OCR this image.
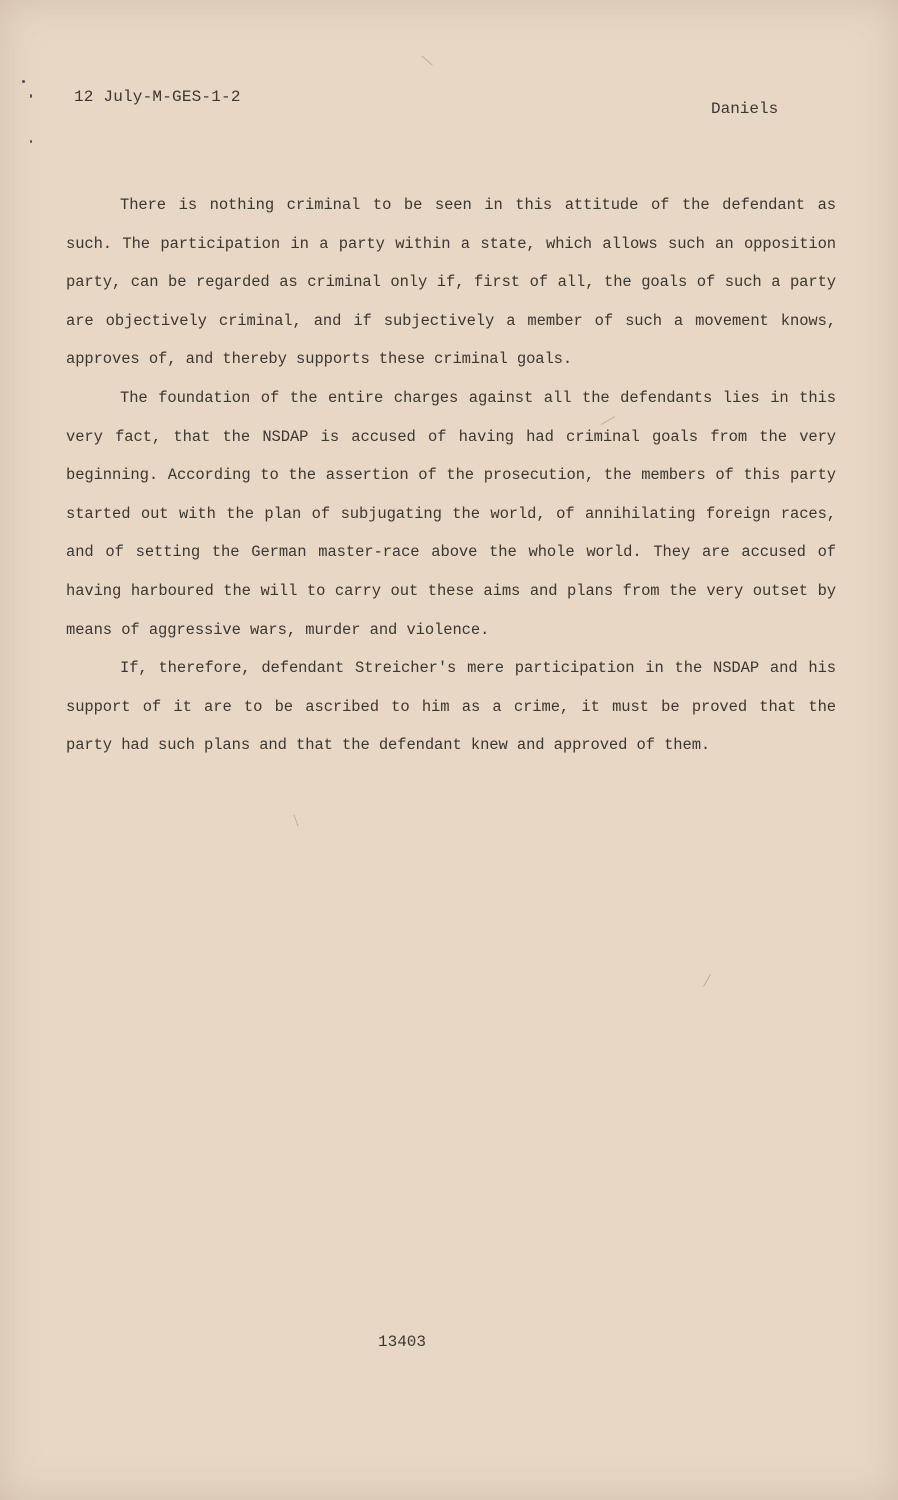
12 July-M-GES-1-2
Daniels

There is nothing criminal to be seen in this attitude of the defendant as such. The participation in a party within a state, which allows such an opposition party, can be regarded as criminal only if, first of all, the goals of such a party are objectively criminal, and if subjectively a member of such a movement knows, approves of, and thereby supports these criminal goals.

The foundation of the entire charges against all the defendants lies in this very fact, that the NSDAP is accused of having had criminal goals from the very beginning. According to the assertion of the prosecution, the members of this party started out with the plan of subjugating the world, of annihilating foreign races, and of setting the German master-race above the whole world. They are accused of having harboured the will to carry out these aims and plans from the very outset by means of aggressive wars, murder and violence.

If, therefore, defendant Streicher's mere participation in the NSDAP and his support of it are to be ascribed to him as a crime, it must be proved that the party had such plans and that the defendant knew and approved of them.

13403
